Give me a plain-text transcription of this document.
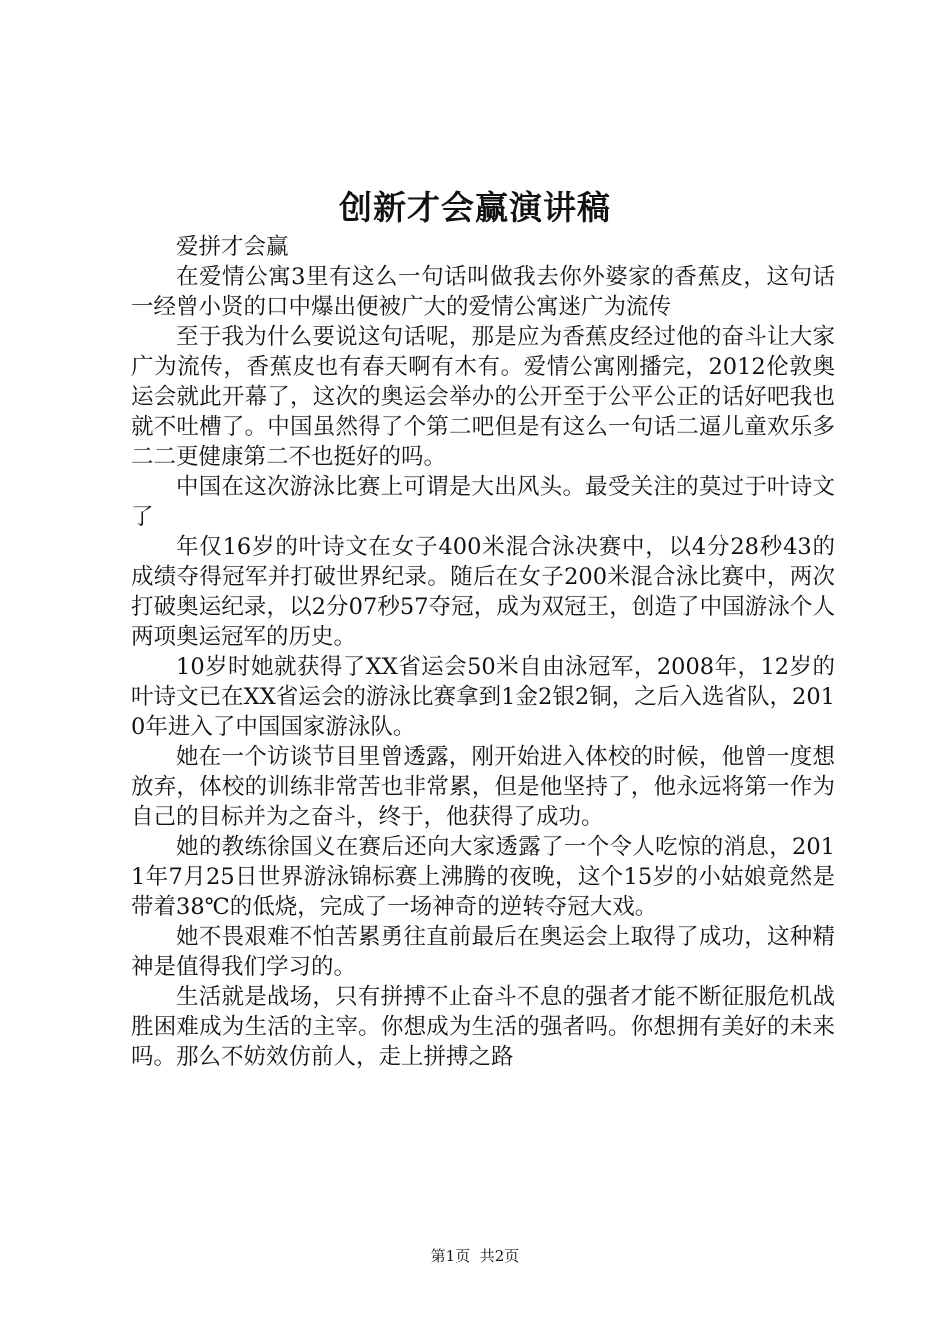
创新才会赢演讲稿

爱拼才会赢

在爱情公寓3里有这么一句话叫做我去你外婆家的香蕉皮，这句话一经曾小贤的口中爆出便被广大的爱情公寓迷广为流传

至于我为什么要说这句话呢，那是应为香蕉皮经过他的奋斗让大家广为流传，香蕉皮也有春天啊有木有。爱情公寓刚播完，2012伦敦奥运会就此开幕了，这次的奥运会举办的公开至于公平公正的话好吧我也就不吐槽了。中国虽然得了个第二吧但是有这么一句话二逼儿童欢乐多二二更健康第二不也挺好的吗。

中国在这次游泳比赛上可谓是大出风头。最受关注的莫过于叶诗文了

年仅16岁的叶诗文在女子400米混合泳决赛中，以4分28秒43的成绩夺得冠军并打破世界纪录。随后在女子200米混合泳比赛中，两次打破奥运纪录，以2分07秒57夺冠，成为双冠王，创造了中国游泳个人两项奥运冠军的历史。

10岁时她就获得了XX省运会50米自由泳冠军，2008年，12岁的叶诗文已在XX省运会的游泳比赛拿到1金2银2铜，之后入选省队，2010年进入了中国国家游泳队。

她在一个访谈节目里曾透露，刚开始进入体校的时候，他曾一度想放弃，体校的训练非常苦也非常累，但是他坚持了，他永远将第一作为自己的目标并为之奋斗，终于，他获得了成功。

她的教练徐国义在赛后还向大家透露了一个令人吃惊的消息，2011年7月25日世界游泳锦标赛上沸腾的夜晚，这个15岁的小姑娘竟然是带着38℃的低烧，完成了一场神奇的逆转夺冠大戏。

她不畏艰难不怕苦累勇往直前最后在奥运会上取得了成功，这种精神是值得我们学习的。

生活就是战场，只有拼搏不止奋斗不息的强者才能不断征服危机战胜困难成为生活的主宰。你想成为生活的强者吗。你想拥有美好的未来吗。那么不妨效仿前人，走上拼搏之路

第1页 共2页
